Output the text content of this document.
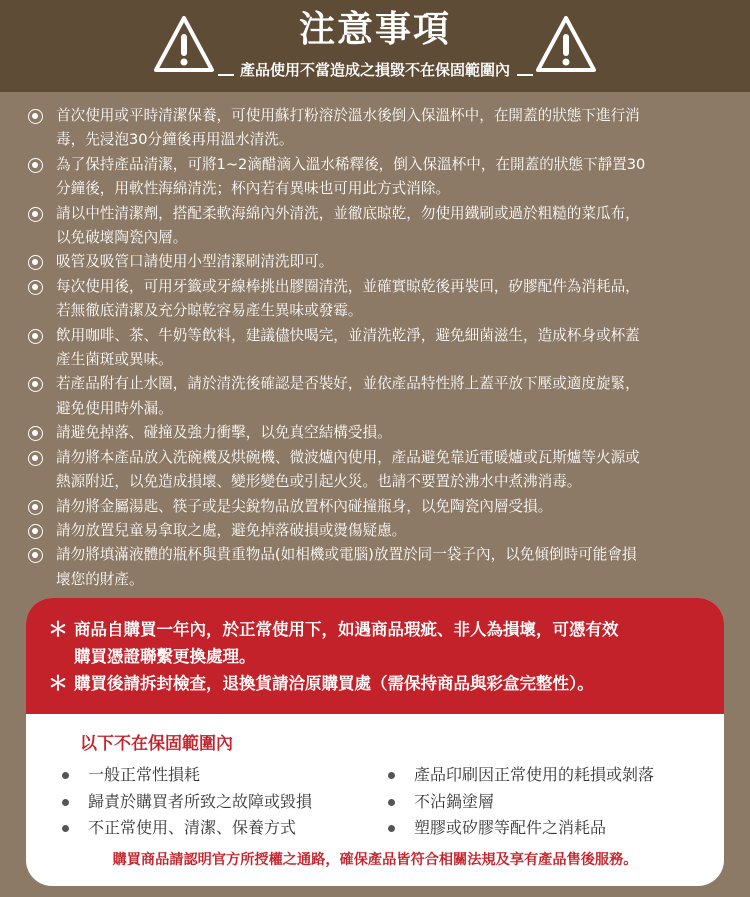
注意事項
產品使用不當造成之損毀不在保固範圍內
首次使用或平時清潔保養，可使用蘇打粉溶於溫水後倒入保溫杯中，在開蓋的狀態下進行消
毒，先浸泡30分鐘後再用溫水清洗。
為了保持產品清潔，可將1~2滴醋滴入溫水稀釋後，倒入保溫杯中，在開蓋的狀態下靜置30
分鐘後，用軟性海綿清洗；杯內若有異味也可用此方式消除。
請以中性清潔劑，搭配柔軟海綿內外清洗，並徹底晾乾，勿使用鐵刷或過於粗糙的菜瓜布，
以免破壞陶瓷內層。
吸管及吸管口請使用小型清潔刷清洗即可。
每次使用後，可用牙籤或牙線棒挑出膠圈清洗，並確實晾乾後再裝回，矽膠配件為消耗品，
若無徹底清潔及充分晾乾容易產生異味或發霉。
飲用咖啡、茶、牛奶等飲料，建議儘快喝完，並清洗乾淨，避免細菌滋生，造成杯身或杯蓋
產生菌斑或異味。
若產品附有止水圈，請於清洗後確認是否裝好，並依產品特性將上蓋平放下壓或適度旋緊，
避免使用時外漏。
請避免掉落、碰撞及強力衝擊，以免真空結構受損。
請勿將本產品放入洗碗機及烘碗機、微波爐內使用，產品避免靠近電暖爐或瓦斯爐等火源或
熱源附近，以免造成損壞、變形變色或引起火災。也請不要置於沸水中煮沸消毒。
請勿將金屬湯匙、筷子或是尖銳物品放置杯內碰撞瓶身，以免陶瓷內層受損。
請勿放置兒童易拿取之處，避免掉落破損或燙傷疑慮。
請勿將填滿液體的瓶杯與貴重物品(如相機或電腦)放置於同一袋子內，以免傾倒時可能會損
壞您的財產。
＊ 商品自購買一年內，於正常使用下，如遇商品瑕疵、非人為損壞，可憑有效
購買憑證聯繫更換處理。
＊ 購買後請拆封檢查，退換貨請洽原購買處（需保持商品與彩盒完整性）。
以下不在保固範圍內
一般正常性損耗
歸責於購買者所致之故障或毀損
不正常使用、清潔、保養方式
產品印刷因正常使用的耗損或剝落
不沾鍋塗層
塑膠或矽膠等配件之消耗品
購買商品請認明官方所授權之通路，確保產品皆符合相關法規及享有產品售後服務。
